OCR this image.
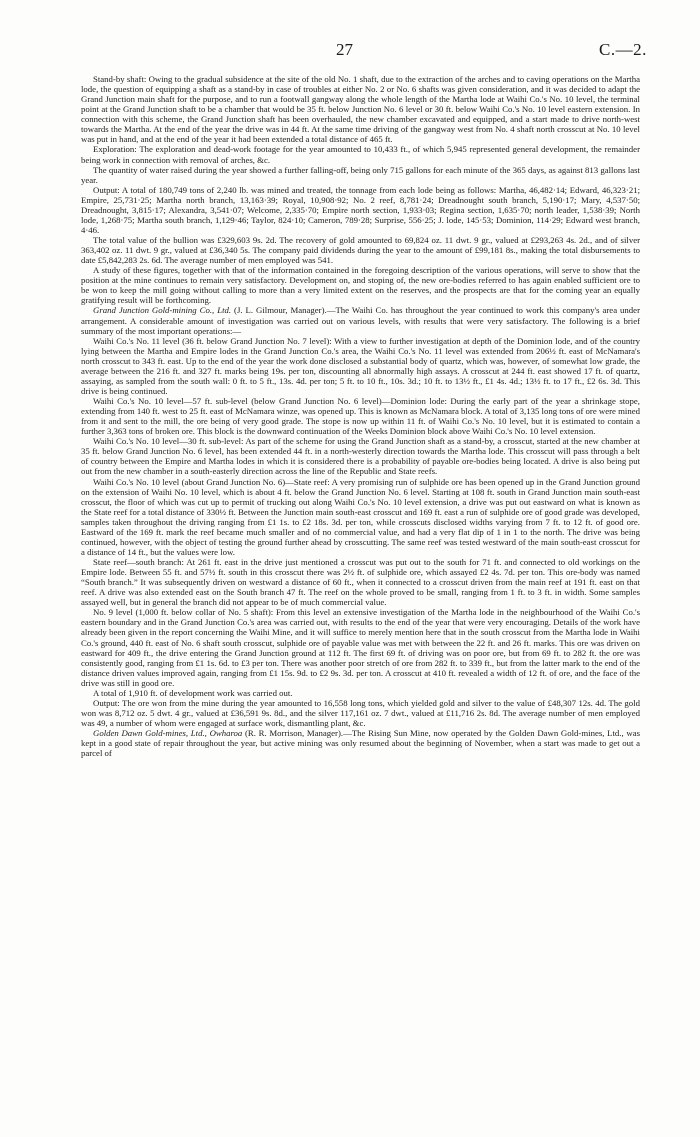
27	C.—2.

Stand-by shaft: Owing to the gradual subsidence at the site of the old No. 1 shaft, due to the extraction of the arches and to caving operations on the Martha lode, the question of equipping a shaft as a stand-by in case of troubles at either No. 2 or No. 6 shafts was given consideration, and it was decided to adapt the Grand Junction main shaft for the purpose, and to run a footwall gangway along the whole length of the Martha lode at Waihi Co.'s No. 10 level, the terminal point at the Grand Junction shaft to be a chamber that would be 35 ft. below Junction No. 6 level or 30 ft. below Waihi Co.'s No. 10 level eastern extension. In connection with this scheme, the Grand Junction shaft has been overhauled, the new chamber excavated and equipped, and a start made to drive north-west towards the Martha. At the end of the year the drive was in 44 ft. At the same time driving of the gangway west from No. 4 shaft north crosscut at No. 10 level was put in hand, and at the end of the year it had been extended a total distance of 465 ft.

Exploration: The exploration and dead-work footage for the year amounted to 10,433 ft., of which 5,945 represented general development, the remainder being work in connection with removal of arches, &c.

The quantity of water raised during the year showed a further falling-off, being only 715 gallons for each minute of the 365 days, as against 813 gallons last year.

Output: A total of 180,749 tons of 2,240 lb. was mined and treated, the tonnage from each lode being as follows: Martha, 46,482·14; Edward, 46,323·21; Empire, 25,731·25; Martha north branch, 13,163·39; Royal, 10,908·92; No. 2 reef, 8,781·24; Dreadnought south branch, 5,190·17; Mary, 4,537·50; Dreadnought, 3,815·17; Alexandra, 3,541·07; Welcome, 2,335·70; Empire north section, 1,933·03; Regina section, 1,635·70; north leader, 1,538·39; North lode, 1,268·75; Martha south branch, 1,129·46; Taylor, 824·10; Cameron, 789·28; Surprise, 556·25; J. lode, 145·53; Dominion, 114·29; Edward west branch, 4·46.

The total value of the bullion was £329,603 9s. 2d. The recovery of gold amounted to 69,824 oz. 11 dwt. 9 gr., valued at £293,263 4s. 2d., and of silver 363,402 oz. 11 dwt. 9 gr., valued at £36,340 5s. The company paid dividends during the year to the amount of £99,181 8s., making the total disbursements to date £5,842,283 2s. 6d. The average number of men employed was 541.

A study of these figures, together with that of the information contained in the foregoing description of the various operations, will serve to show that the position at the mine continues to remain very satisfactory. Development on, and stoping of, the new ore-bodies referred to has again enabled sufficient ore to be won to keep the mill going without calling to more than a very limited extent on the reserves, and the prospects are that for the coming year an equally gratifying result will be forthcoming.

Grand Junction Gold-mining Co., Ltd. (J. L. Gilmour, Manager).—The Waihi Co. has throughout the year continued to work this company's area under arrangement. A considerable amount of investigation was carried out on various levels, with results that were very satisfactory. The following is a brief summary of the most important operations:—

Waihi Co.'s No. 11 level (36 ft. below Grand Junction No. 7 level): With a view to further investigation at depth of the Dominion lode, and of the country lying between the Martha and Empire lodes in the Grand Junction Co.'s area, the Waihi Co.'s No. 11 level was extended from 206½ ft. east of McNamara's north crosscut to 343 ft. east. Up to the end of the year the work done disclosed a substantial body of quartz, which was, however, of somewhat low grade, the average between the 216 ft. and 327 ft. marks being 19s. per ton, discounting all abnormally high assays. A crosscut at 244 ft. east showed 17 ft. of quartz, assaying, as sampled from the south wall: 0 ft. to 5 ft., 13s. 4d. per ton; 5 ft. to 10 ft., 10s. 3d.; 10 ft. to 13½ ft., £1 4s. 4d.; 13½ ft. to 17 ft., £2 6s. 3d. This drive is being continued.

Waihi Co.'s No. 10 level—57 ft. sub-level (below Grand Junction No. 6 level)—Dominion lode: During the early part of the year a shrinkage stope, extending from 140 ft. west to 25 ft. east of McNamara winze, was opened up. This is known as McNamara block. A total of 3,135 long tons of ore were mined from it and sent to the mill, the ore being of very good grade. The stope is now up within 11 ft. of Waihi Co.'s No. 10 level, but it is estimated to contain a further 3,363 tons of broken ore. This block is the downward continuation of the Weeks Dominion block above Waihi Co.'s No. 10 level extension.

Waihi Co.'s No. 10 level—30 ft. sub-level: As part of the scheme for using the Grand Junction shaft as a stand-by, a crosscut, started at the new chamber at 35 ft. below Grand Junction No. 6 level, has been extended 44 ft. in a north-westerly direction towards the Martha lode. This crosscut will pass through a belt of country between the Empire and Martha lodes in which it is considered there is a probability of payable ore-bodies being located. A drive is also being put out from the new chamber in a south-easterly direction across the line of the Republic and State reefs.

Waihi Co.'s No. 10 level (about Grand Junction No. 6)—State reef: A very promising run of sulphide ore has been opened up in the Grand Junction ground on the extension of Waihi No. 10 level, which is about 4 ft. below the Grand Junction No. 6 level. Starting at 108 ft. south in Grand Junction main south-east crosscut, the floor of which was cut up to permit of trucking out along Waihi Co.'s No. 10 level extension, a drive was put out eastward on what is known as the State reef for a total distance of 330½ ft. Between the Junction main south-east crosscut and 169 ft. east a run of sulphide ore of good grade was developed, samples taken throughout the driving ranging from £1 1s. to £2 18s. 3d. per ton, while crosscuts disclosed widths varying from 7 ft. to 12 ft. of good ore. Eastward of the 169 ft. mark the reef became much smaller and of no commercial value, and had a very flat dip of 1 in 1 to the north. The drive was being continued, however, with the object of testing the ground further ahead by crosscutting. The same reef was tested westward of the main south-east crosscut for a distance of 14 ft., but the values were low.

State reef—south branch: At 261 ft. east in the drive just mentioned a crosscut was put out to the south for 71 ft. and connected to old workings on the Empire lode. Between 55 ft. and 57½ ft. south in this crosscut there was 2½ ft. of sulphide ore, which assayed £2 4s. 7d. per ton. This ore-body was named “South branch.” It was subsequently driven on westward a distance of 60 ft., when it connected to a crosscut driven from the main reef at 191 ft. east on that reef. A drive was also extended east on the South branch 47 ft. The reef on the whole proved to be small, ranging from 1 ft. to 3 ft. in width. Some samples assayed well, but in general the branch did not appear to be of much commercial value.

No. 9 level (1,000 ft. below collar of No. 5 shaft): From this level an extensive investigation of the Martha lode in the neighbourhood of the Waihi Co.'s eastern boundary and in the Grand Junction Co.'s area was carried out, with results to the end of the year that were very encouraging. Details of the work have already been given in the report concerning the Waihi Mine, and it will suffice to merely mention here that in the south crosscut from the Martha lode in Waihi Co.'s ground, 440 ft. east of No. 6 shaft south crosscut, sulphide ore of payable value was met with between the 22 ft. and 26 ft. marks. This ore was driven on eastward for 409 ft., the drive entering the Grand Junction ground at 112 ft. The first 69 ft. of driving was on poor ore, but from 69 ft. to 282 ft. the ore was consistently good, ranging from £1 1s. 6d. to £3 per ton. There was another poor stretch of ore from 282 ft. to 339 ft., but from the latter mark to the end of the distance driven values improved again, ranging from £1 15s. 9d. to £2 9s. 3d. per ton. A crosscut at 410 ft. revealed a width of 12 ft. of ore, and the face of the drive was still in good ore.

A total of 1,910 ft. of development work was carried out.

Output: The ore won from the mine during the year amounted to 16,558 long tons, which yielded gold and silver to the value of £48,307 12s. 4d. The gold won was 8,712 oz. 5 dwt. 4 gr., valued at £36,591 9s. 8d., and the silver 117,161 oz. 7 dwt., valued at £11,716 2s. 8d. The average number of men employed was 49, a number of whom were engaged at surface work, dismantling plant, &c.

Golden Dawn Gold-mines, Ltd., Owharoa (R. R. Morrison, Manager).—The Rising Sun Mine, now operated by the Golden Dawn Gold-mines, Ltd., was kept in a good state of repair throughout the year, but active mining was only resumed about the beginning of November, when a start was made to get out a parcel of
